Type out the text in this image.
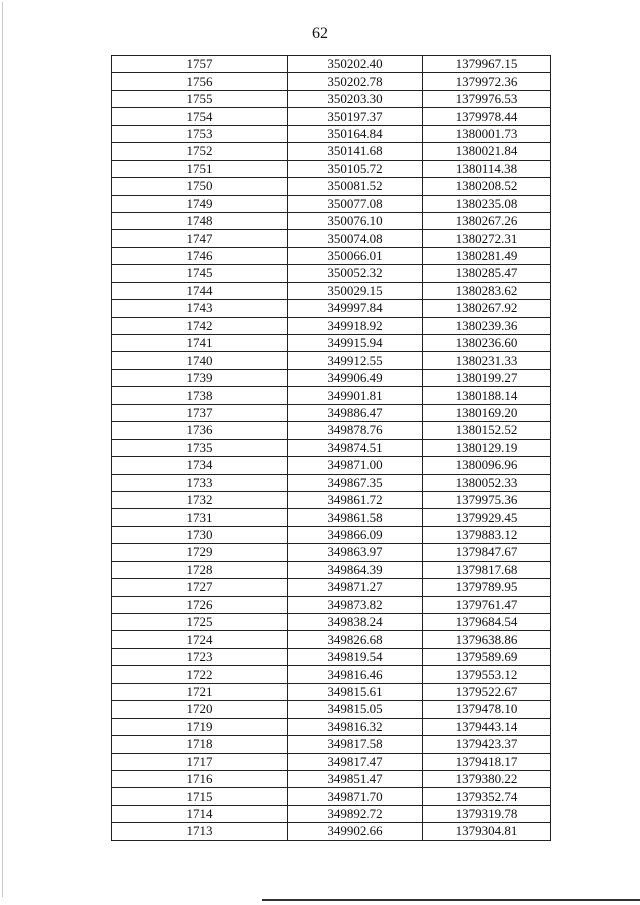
62
1757	350202.40	1379967.15
1756	350202.78	1379972.36
1755	350203.30	1379976.53
1754	350197.37	1379978.44
1753	350164.84	1380001.73
1752	350141.68	1380021.84
1751	350105.72	1380114.38
1750	350081.52	1380208.52
1749	350077.08	1380235.08
1748	350076.10	1380267.26
1747	350074.08	1380272.31
1746	350066.01	1380281.49
1745	350052.32	1380285.47
1744	350029.15	1380283.62
1743	349997.84	1380267.92
1742	349918.92	1380239.36
1741	349915.94	1380236.60
1740	349912.55	1380231.33
1739	349906.49	1380199.27
1738	349901.81	1380188.14
1737	349886.47	1380169.20
1736	349878.76	1380152.52
1735	349874.51	1380129.19
1734	349871.00	1380096.96
1733	349867.35	1380052.33
1732	349861.72	1379975.36
1731	349861.58	1379929.45
1730	349866.09	1379883.12
1729	349863.97	1379847.67
1728	349864.39	1379817.68
1727	349871.27	1379789.95
1726	349873.82	1379761.47
1725	349838.24	1379684.54
1724	349826.68	1379638.86
1723	349819.54	1379589.69
1722	349816.46	1379553.12
1721	349815.61	1379522.67
1720	349815.05	1379478.10
1719	349816.32	1379443.14
1718	349817.58	1379423.37
1717	349817.47	1379418.17
1716	349851.47	1379380.22
1715	349871.70	1379352.74
1714	349892.72	1379319.78
1713	349902.66	1379304.81
